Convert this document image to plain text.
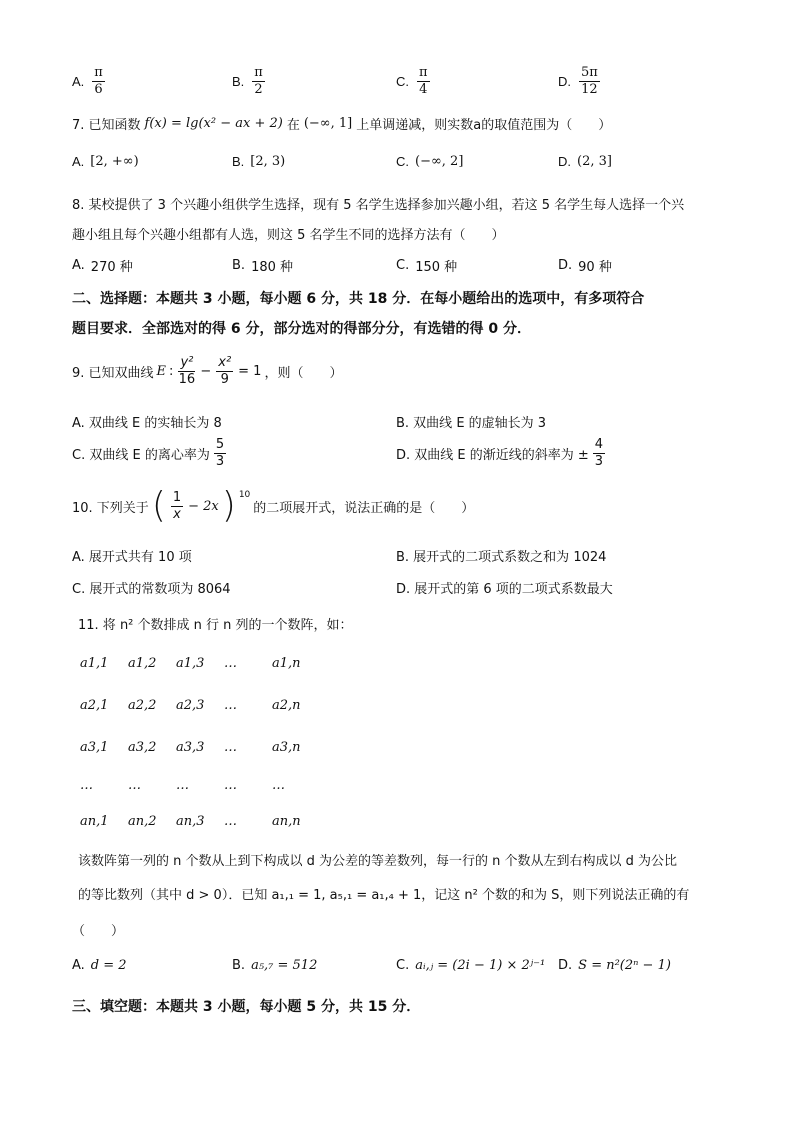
A. $\frac{\pi}{6}$	B. $\frac{\pi}{2}$	C. $\frac{\pi}{4}$	D. $\frac{5\pi}{12}$
7. 已知函数 f(x) = lg(x² − ax + 2) 在 (−∞, 1] 上单调递减，则实数a的取值范围为（　　）
A. [2, +∞)	B. [2, 3)	C. (−∞, 2]	D. (2, 3]
8. 某校提供了 3 个兴趣小组供学生选择，现有 5 名学生选择参加兴趣小组，若这 5 名学生每人选择一个兴
趣小组且每个兴趣小组都有人选，则这 5 名学生不同的选择方法有（　　）
A. 270 种	B. 180 种	C. 150 种	D. 90 种
二、选择题：本题共 3 小题，每小题 6 分，共 18 分．在每小题给出的选项中，有多项符合
题目要求．全部选对的得 6 分，部分选对的得部分分，有选错的得 0 分．
9. 已知双曲线 E : $\frac{\text{y²}}{16} - \frac{\text{x²}}{9} = 1$ ，则（　　）
A. 双曲线 E 的实轴长为 8	B. 双曲线 E 的虚轴长为 3
C. 双曲线 E 的离心率为 $\frac{5}{3}$	D. 双曲线 E 的渐近线的斜率为 ± $\frac{4}{3}$
10. 下列关于 ( $\frac{1}{x} - 2x$ ) $^{10}$
的二项展开式，说法正确的是（　　）
A. 展开式共有 10 项	B. 展开式的二项式系数之和为 1024
C. 展开式的常数项为 8064	D. 展开式的第 6 项的二项式系数最大
11. 将 n² 个数排成 n 行 n 列的一个数阵，如：
a1,1 a1,2 a1,3 …	a1,n
a2,1 a2,2 a2,3 …	a2,n
a3,1 a3,2 a3,3 …	a3,n
…	…	…	…	…
an,1 an,2 an,3 …	an,n
该数阵第一列的 n 个数从上到下构成以 d 为公差的等差数列，每一行的 n 个数从左到右构成以 d 为公比
的等比数列（其中 d > 0）．已知 a₁,₁ = 1, a₅,₁ = a₁,₄ + 1，记这 n² 个数的和为 S，则下列说法正确的有
（　　）
A. d = 2	B. a₅,₇ = 512	C. aᵢ,ⱼ = (2i − 1) × 2ʲ⁻¹ D. S = n²(2ⁿ − 1)
三、填空题：本题共 3 小题，每小题 5 分，共 15 分．
